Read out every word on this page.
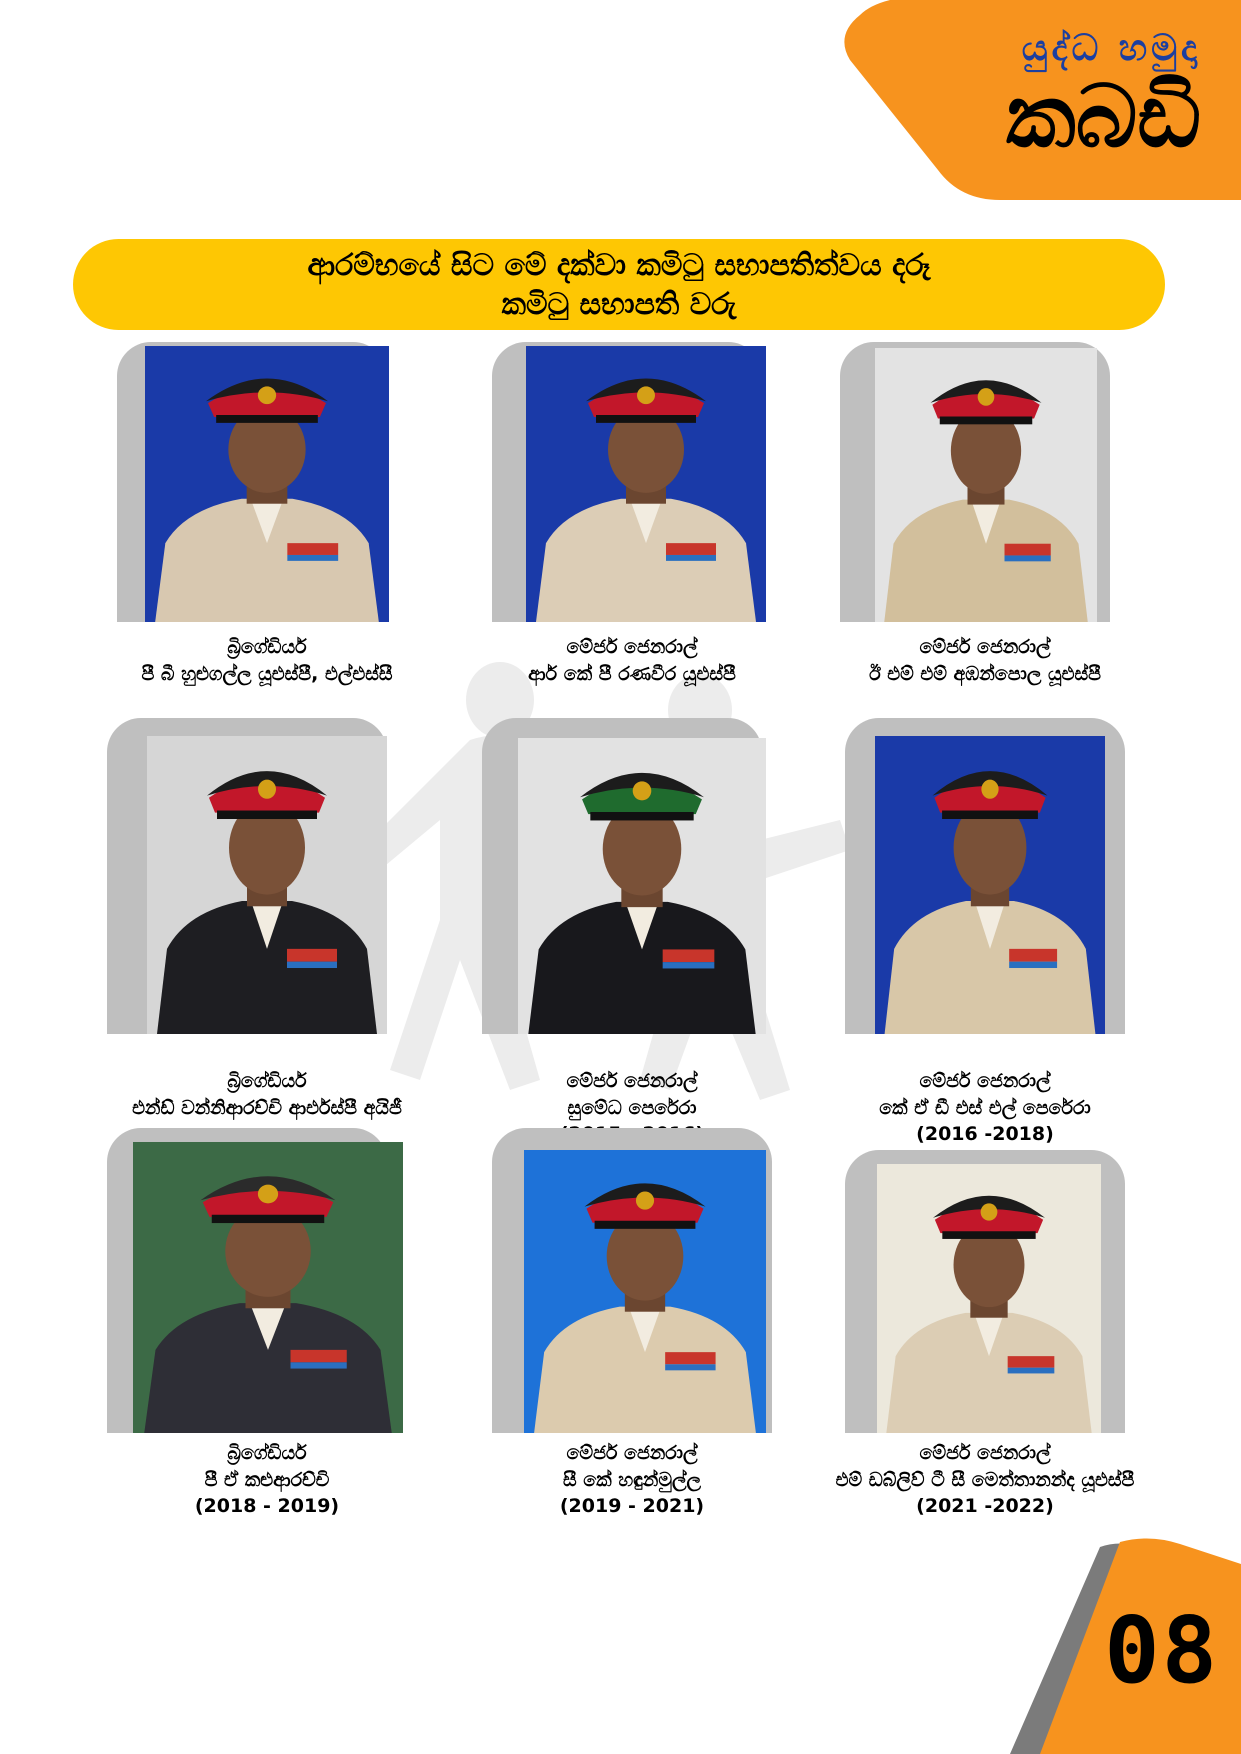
යුද්ධ හමුදා
කබඩි
ආරම්භයේ සිට මේ දක්වා කමිටු සභාපතිත්වය දරූ
කමිටු සභාපති වරු
බ්‍රිගේඩියර්
පී බී හුළුගල්ල යූඑස්පී, එල්එස්සී
මේජර් ජෙනරාල්
ආර් කේ පී රණවීර යූඑස්පී
මේජර් ජෙනරාල්
ඊ එම් එම් අඹන්පොල යූඑස්පී
බ්‍රිගේඩියර්
එන්ඩ් වන්නිආරච්චි ආර්එස්පී අයිජී
මේජර් ජෙනරාල්
සුමේධ පෙරේරා
මේජර් ජෙනරාල්
කේ ඒ ඩී එස් එල් පෙරේරා
(2016 -2018)
බ්‍රිගේඩියර්
පී ඒ කළුආරච්චි
(2018 - 2019)
මේජර් ජෙනරාල්
සී කේ හඳුන්මුල්ල
(2019 - 2021)
මේජර් ජෙනරාල්
එම් ඩබ්ලිව් ටී සී මෙත්තානන්ද යූඑස්පී
(2021 -2022)
08
